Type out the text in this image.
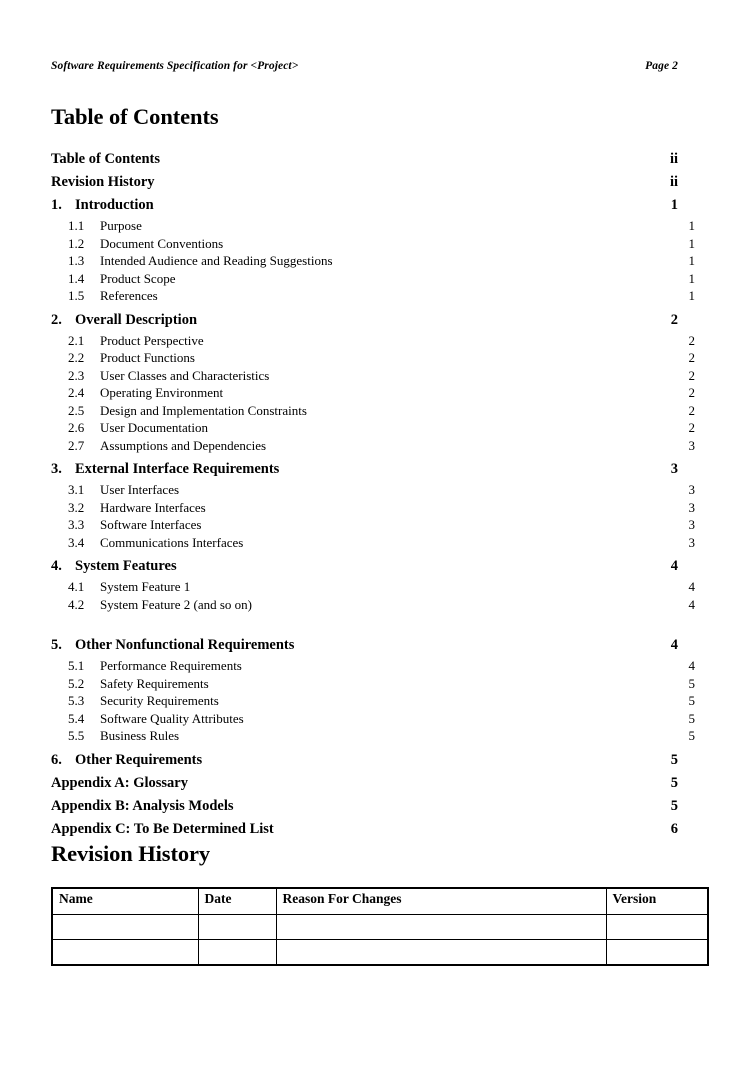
Software Requirements Specification for <Project>	Page 2
Table of Contents
Table of Contents	ii
Revision History	ii
1. Introduction	1
1.1	Purpose	1
1.2	Document Conventions	1
1.3	Intended Audience and Reading Suggestions	1
1.4	Product Scope	1
1.5	References	1
2. Overall Description	2
2.1	Product Perspective	2
2.2	Product Functions	2
2.3	User Classes and Characteristics	2
2.4	Operating Environment	2
2.5	Design and Implementation Constraints	2
2.6	User Documentation	2
2.7	Assumptions and Dependencies	3
3. External Interface Requirements	3
3.1	User Interfaces	3
3.2	Hardware Interfaces	3
3.3	Software Interfaces	3
3.4	Communications Interfaces	3
4. System Features	4
4.1	System Feature 1	4
4.2	System Feature 2 (and so on)	4
5. Other Nonfunctional Requirements	4
5.1	Performance Requirements	4
5.2	Safety Requirements	5
5.3	Security Requirements	5
5.4	Software Quality Attributes	5
5.5	Business Rules	5
6. Other Requirements	5
Appendix A: Glossary	5
Appendix B: Analysis Models	5
Appendix C: To Be Determined List	6
Revision History
Name	Date	Reason For Changes	Version
